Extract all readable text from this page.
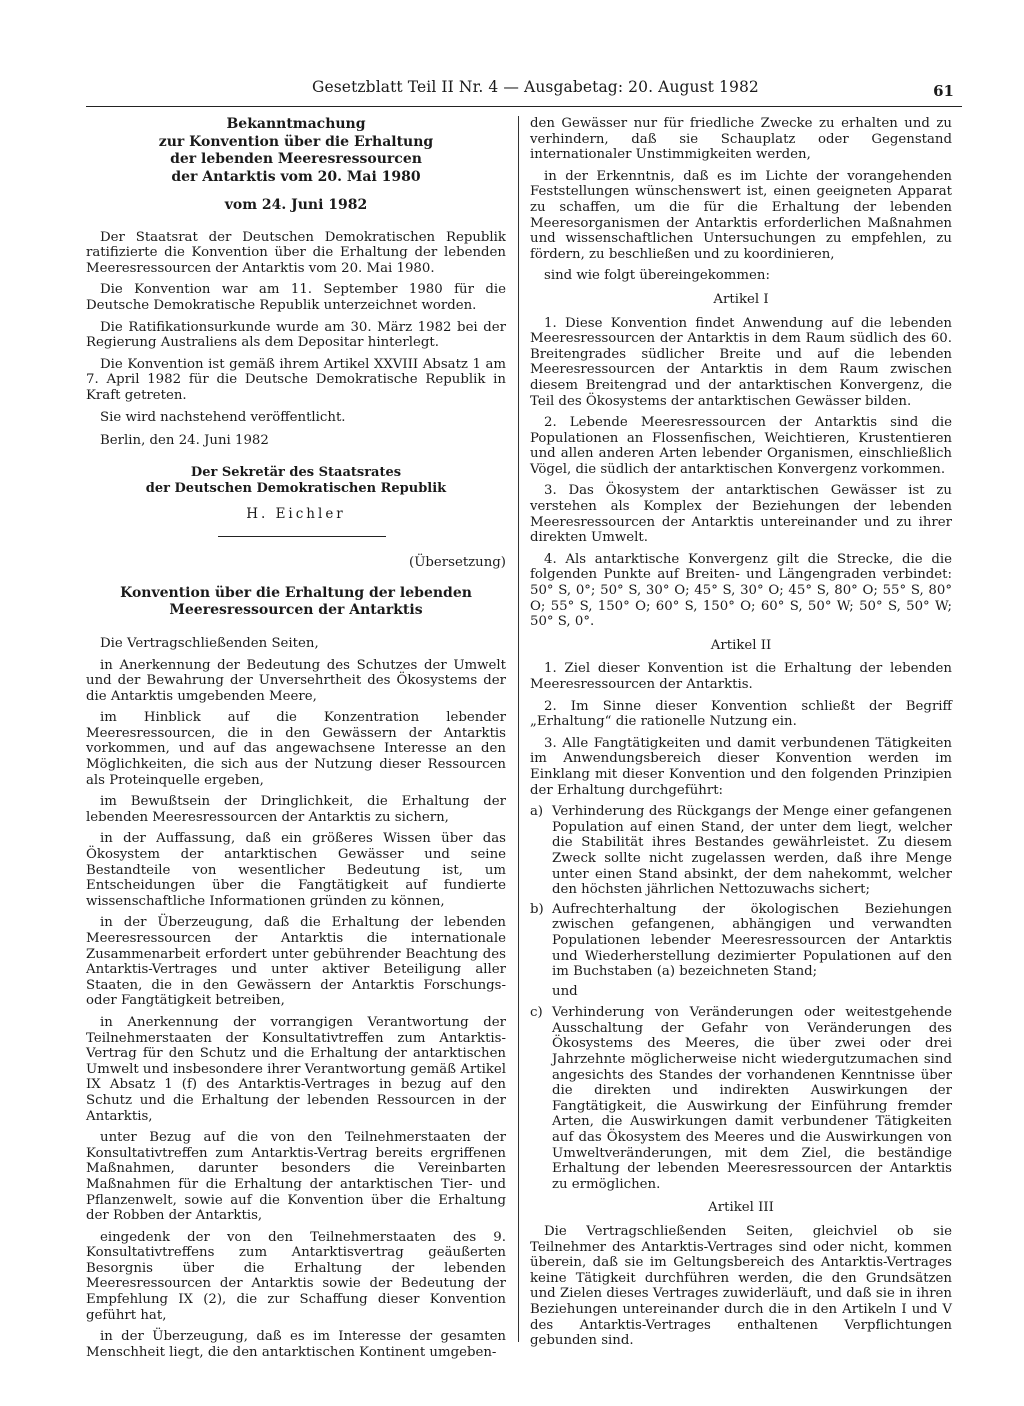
Gesetzblatt Teil II Nr. 4 — Ausgabetag: 20. August 1982	61
Bekanntmachung
zur Konvention über die Erhaltung
der lebenden Meeresressourcen
der Antarktis vom 20. Mai 1980
vom 24. Juni 1982

Der Staatsrat der Deutschen Demokratischen Republik ratifizierte die Konvention über die Erhaltung der lebenden Meeresressourcen der Antarktis vom 20. Mai 1980.

Die Konvention war am 11. September 1980 für die Deutsche Demokratische Republik unterzeichnet worden.

Die Ratifikationsurkunde wurde am 30. März 1982 bei der Regierung Australiens als dem Depositar hinterlegt.

Die Konvention ist gemäß ihrem Artikel XXVIII Absatz 1 am 7. April 1982 für die Deutsche Demokratische Republik in Kraft getreten.

Sie wird nachstehend veröffentlicht.

Berlin, den 24. Juni 1982
Der Sekretär des Staatsrates
der Deutschen Demokratischen Republik
H. Eichler
(Übersetzung)
Konvention über die Erhaltung der lebenden
Meeresressourcen der Antarktis

Die Vertragschließenden Seiten,

in Anerkennung der Bedeutung des Schutzes der Umwelt und der Bewahrung der Unversehrtheit des Ökosystems der die Antarktis umgebenden Meere,

im Hinblick auf die Konzentration lebender Meeresressourcen, die in den Gewässern der Antarktis vorkommen, und auf das angewachsene Interesse an den Möglichkeiten, die sich aus der Nutzung dieser Ressourcen als Proteinquelle ergeben,

im Bewußtsein der Dringlichkeit, die Erhaltung der lebenden Meeresressourcen der Antarktis zu sichern,

in der Auffassung, daß ein größeres Wissen über das Ökosystem der antarktischen Gewässer und seine Bestandteile von wesentlicher Bedeutung ist, um Entscheidungen über die Fangtätigkeit auf fundierte wissenschaftliche Informationen gründen zu können,

in der Überzeugung, daß die Erhaltung der lebenden Meeresressourcen der Antarktis die internationale Zusammenarbeit erfordert unter gebührender Beachtung des Antarktis-Vertrages und unter aktiver Beteiligung aller Staaten, die in den Gewässern der Antarktis Forschungs- oder Fangtätigkeit betreiben,

in Anerkennung der vorrangigen Verantwortung der Teilnehmerstaaten der Konsultativtreffen zum Antarktis-Vertrag für den Schutz und die Erhaltung der antarktischen Umwelt und insbesondere ihrer Verantwortung gemäß Artikel IX Absatz 1 (f) des Antarktis-Vertrages in bezug auf den Schutz und die Erhaltung der lebenden Ressourcen in der Antarktis,

unter Bezug auf die von den Teilnehmerstaaten der Konsultativtreffen zum Antarktis-Vertrag bereits ergriffenen Maßnahmen, darunter besonders die Vereinbarten Maßnahmen für die Erhaltung der antarktischen Tier- und Pflanzenwelt, sowie auf die Konvention über die Erhaltung der Robben der Antarktis,

eingedenk der von den Teilnehmerstaaten des 9. Konsultativtreffens zum Antarktisvertrag geäußerten Besorgnis über die Erhaltung der lebenden Meeresressourcen der Antarktis sowie der Bedeutung der Empfehlung IX (2), die zur Schaffung dieser Konvention geführt hat,

in der Überzeugung, daß es im Interesse der gesamten Menschheit liegt, die den antarktischen Kontinent umgeben-

den Gewässer nur für friedliche Zwecke zu erhalten und zu verhindern, daß sie Schauplatz oder Gegenstand internationaler Unstimmigkeiten werden,

in der Erkenntnis, daß es im Lichte der vorangehenden Feststellungen wünschenswert ist, einen geeigneten Apparat zu schaffen, um die für die Erhaltung der lebenden Meeresorganismen der Antarktis erforderlichen Maßnahmen und wissenschaftlichen Untersuchungen zu empfehlen, zu fördern, zu beschließen und zu koordinieren,

sind wie folgt übereingekommen:

Artikel I

1. Diese Konvention findet Anwendung auf die lebenden Meeresressourcen der Antarktis in dem Raum südlich des 60. Breitengrades südlicher Breite und auf die lebenden Meeresressourcen der Antarktis in dem Raum zwischen diesem Breitengrad und der antarktischen Konvergenz, die Teil des Ökosystems der antarktischen Gewässer bilden.

2. Lebende Meeresressourcen der Antarktis sind die Populationen an Flossenfischen, Weichtieren, Krustentieren und allen anderen Arten lebender Organismen, einschließlich Vögel, die südlich der antarktischen Konvergenz vorkommen.

3. Das Ökosystem der antarktischen Gewässer ist zu verstehen als Komplex der Beziehungen der lebenden Meeresressourcen der Antarktis untereinander und zu ihrer direkten Umwelt.

4. Als antarktische Konvergenz gilt die Strecke, die die folgenden Punkte auf Breiten- und Längengraden verbindet: 50° S, 0°; 50° S, 30° O; 45° S, 30° O; 45° S, 80° O; 55° S, 80° O; 55° S, 150° O; 60° S, 150° O; 60° S, 50° W; 50° S, 50° W; 50° S, 0°.

Artikel II

1. Ziel dieser Konvention ist die Erhaltung der lebenden Meeresressourcen der Antarktis.

2. Im Sinne dieser Konvention schließt der Begriff „Erhaltung“ die rationelle Nutzung ein.

3. Alle Fangtätigkeiten und damit verbundenen Tätigkeiten im Anwendungsbereich dieser Konvention werden im Einklang mit dieser Konvention und den folgenden Prinzipien der Erhaltung durchgeführt:

a) Verhinderung des Rückgangs der Menge einer gefangenen Population auf einen Stand, der unter dem liegt, welcher die Stabilität ihres Bestandes gewährleistet. Zu diesem Zweck sollte nicht zugelassen werden, daß ihre Menge unter einen Stand absinkt, der dem nahekommt, welcher den höchsten jährlichen Nettozuwachs sichert;
b) Aufrechterhaltung der ökologischen Beziehungen zwischen gefangenen, abhängigen und verwandten Populationen lebender Meeresressourcen der Antarktis und Wiederherstellung dezimierter Populationen auf den im Buchstaben (a) bezeichneten Stand;
und
c) Verhinderung von Veränderungen oder weitestgehende Ausschaltung der Gefahr von Veränderungen des Ökosystems des Meeres, die über zwei oder drei Jahrzehnte möglicherweise nicht wiedergutzumachen sind angesichts des Standes der vorhandenen Kenntnisse über die direkten und indirekten Auswirkungen der Fangtätigkeit, die Auswirkung der Einführung fremder Arten, die Auswirkungen damit verbundener Tätigkeiten auf das Ökosystem des Meeres und die Auswirkungen von Umweltveränderungen, mit dem Ziel, die beständige Erhaltung der lebenden Meeresressourcen der Antarktis zu ermöglichen.
Artikel III

Die Vertragschließenden Seiten, gleichviel ob sie Teilnehmer des Antarktis-Vertrages sind oder nicht, kommen überein, daß sie im Geltungsbereich des Antarktis-Vertrages keine Tätigkeit durchführen werden, die den Grundsätzen und Zielen dieses Vertrages zuwiderläuft, und daß sie in ihren Beziehungen untereinander durch die in den Artikeln I und V des Antarktis-Vertrages enthaltenen Verpflichtungen gebunden sind.
